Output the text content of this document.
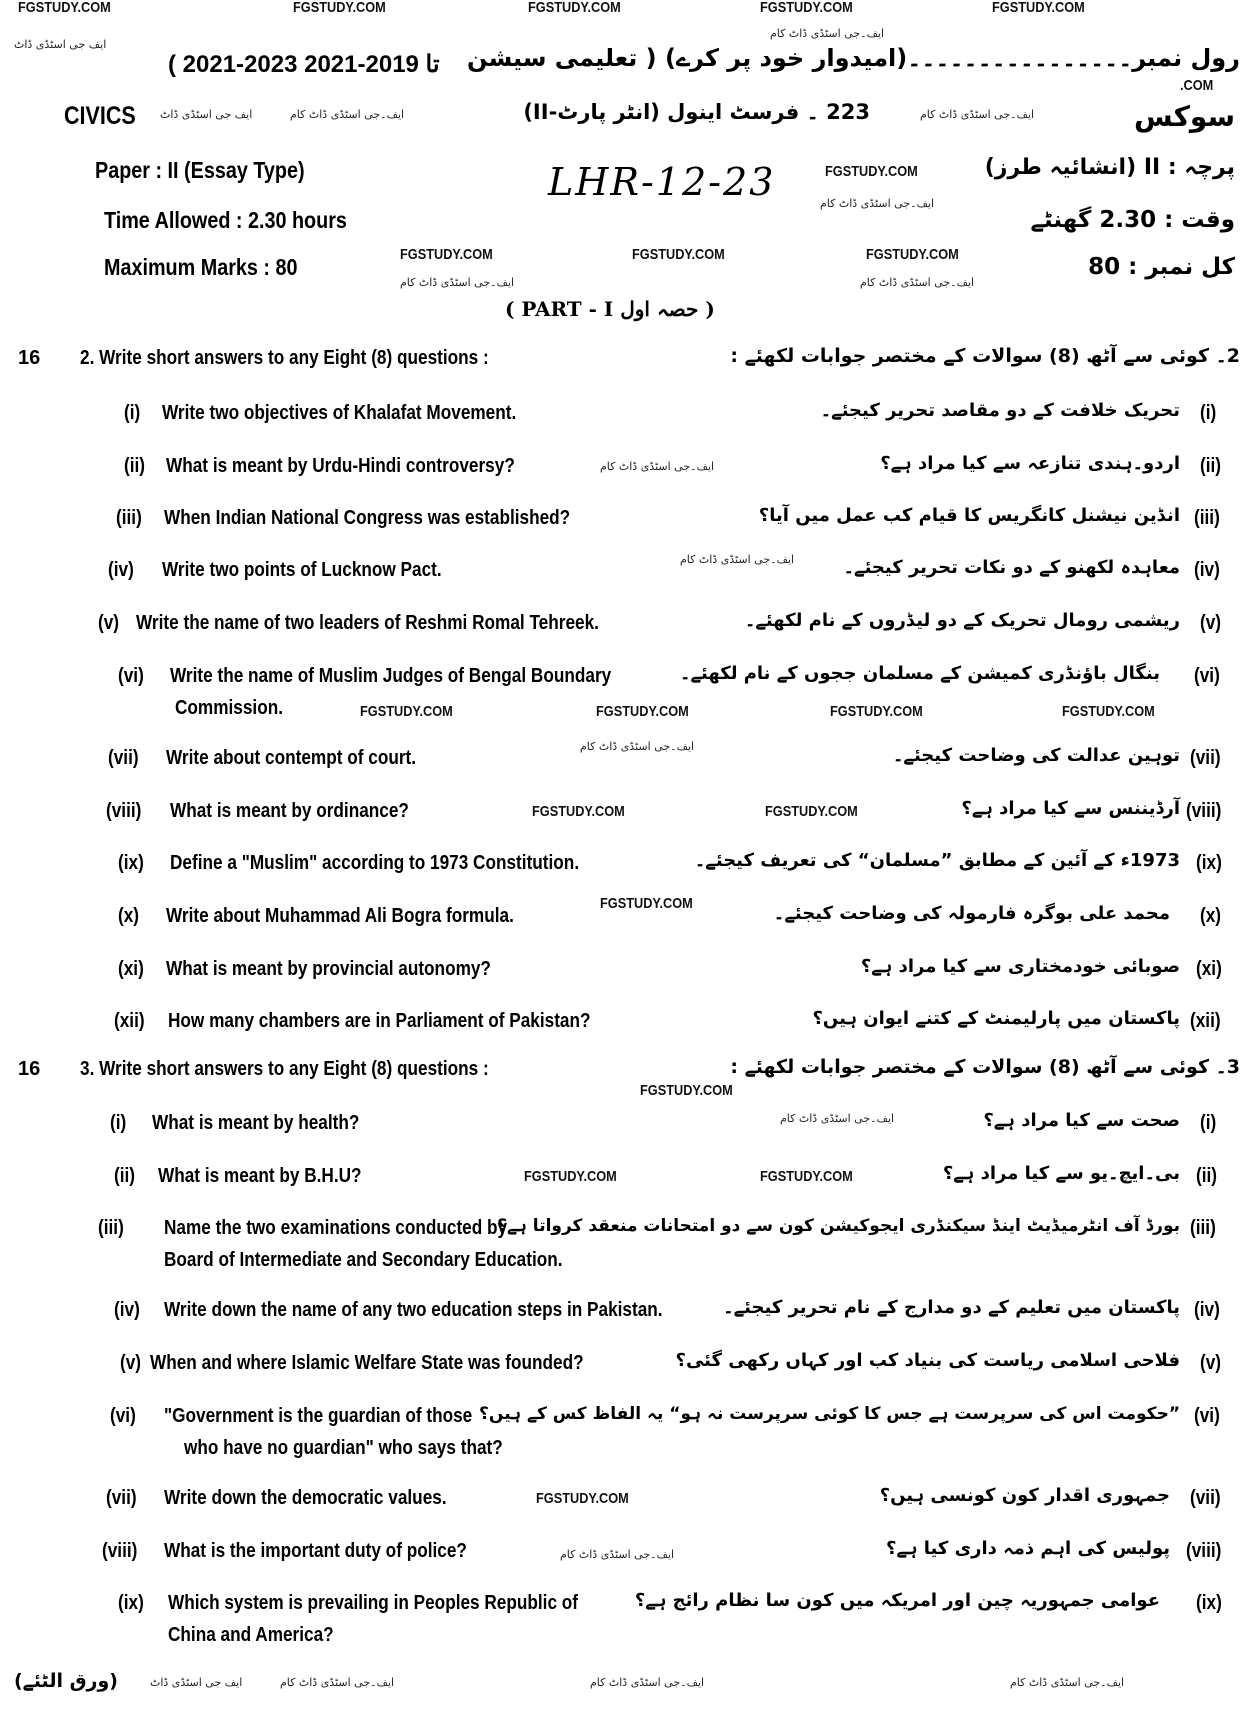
FGSTUDY.COM	FGSTUDY.COM	FGSTUDY.COM	FGSTUDY.COM	FGSTUDY.COM
ایف۔جی اسٹڈی ڈاٹ کام
ایف جی اسٹڈی ڈاٹ
( 2021-2023 تا 2019-2021 رول نمبر۔۔۔۔۔۔۔۔۔۔۔۔۔۔۔۔(امیدوار خود پر کرے) ( تعلیمی سیشن
.COM
CIVICS ایف جی اسٹڈی ڈاٹ	ایف۔جی اسٹڈی ڈاٹ کام	223 ۔ فرسٹ اینول (انٹر پارٹ-II)	ایف۔جی اسٹڈی ڈاٹ کام	سوکس
Paper : II (Essay Type)	LHR-12-23	FGSTUDY.COM	پرچہ : II (انشائیہ طرز)
Time Allowed : 2.30 hours
ایف۔جی اسٹڈی ڈاٹ کام
وقت : 2.30 گھنٹے
Maximum Marks : 80	FGSTUDY.COM	FGSTUDY.COM	FGSTUDY.COM	کل نمبر : 80
ایف۔جی اسٹڈی ڈاٹ کام	ایف۔جی اسٹڈی ڈاٹ کام
( PART - I حصہ اول )
16 2. Write short answers to any Eight (8) questions :	2۔ کوئی سے آٹھ (8) سوالات کے مختصر جوابات لکھئے :
16 3. Write short answers to any Eight (8) questions :	3۔ کوئی سے آٹھ (8) سوالات کے مختصر جوابات لکھئے :
FGSTUDY.COM
(i) Write two objectives of Khalafat Movement.	تحریک خلافت کے دو مقاصد تحریر کیجئے۔ (i)
(ii) What is meant by Urdu-Hindi controversy?	ایف۔جی اسٹڈی ڈاٹ کام	اردو۔ہندی تنازعہ سے کیا مراد ہے؟ (ii)
(iii) When Indian National Congress was established?	انڈین نیشنل کانگریس کا قیام کب عمل میں آیا؟ (iii)
(iv) Write two points of Lucknow Pact.	ایف۔جی اسٹڈی ڈاٹ کام	معاہدہ لکھنو کے دو نکات تحریر کیجئے۔ (iv)
(v) Write the name of two leaders of Reshmi Romal Tehreek.	ریشمی رومال تحریک کے دو لیڈروں کے نام لکھئے۔ (v)
(vi) Write the name of Muslim Judges of Bengal Boundary
Commission.
بنگال باؤنڈری کمیشن کے مسلمان ججوں کے نام لکھئے۔ (vi)
FGSTUDY.COM	FGSTUDY.COM	FGSTUDY.COM	FGSTUDY.COM
(vii) Write about contempt of court.
ایف۔جی اسٹڈی ڈاٹ کام	توہین عدالت کی وضاحت کیجئے۔ (vii)
(viii) What is meant by ordinance?	FGSTUDY.COM	FGSTUDY.COM	آرڈیننس سے کیا مراد ہے؟ (viii)
(ix) Define a "Muslim" according to 1973 Constitution.	1973ء کے آئین کے مطابق ”مسلمان“ کی تعریف کیجئے۔ (ix)
(x) Write about Muhammad Ali Bogra formula.
FGSTUDY.COM	محمد علی بوگرہ فارمولہ کی وضاحت کیجئے۔ (x)
(xi) What is meant by provincial autonomy?	صوبائی خودمختاری سے کیا مراد ہے؟ (xi)
(xii) How many chambers are in Parliament of Pakistan?	پاکستان میں پارلیمنٹ کے کتنے ایوان ہیں؟ (xii)
(i) What is meant by health?	ایف۔جی اسٹڈی ڈاٹ کام	صحت سے کیا مراد ہے؟ (i)
(ii) What is meant by B.H.U?	FGSTUDY.COM	FGSTUDY.COM	بی۔ایچ۔یو سے کیا مراد ہے؟ (ii)
(iii) Name the two examinations conducted by
Board of Intermediate and Secondary Education.
بورڈ آف انٹرمیڈیٹ اینڈ سیکنڈری ایجوکیشن کون سے دو امتحانات منعقد کرواتا ہے؟ (iii)
(iv) Write down the name of any two education steps in Pakistan.	پاکستان میں تعلیم کے دو مدارج کے نام تحریر کیجئے۔ (iv)
(v) When and where Islamic Welfare State was founded?	فلاحی اسلامی ریاست کی بنیاد کب اور کہاں رکھی گئی؟ (v)
(vi) "Government is the guardian of those
who have no guardian" who says that?
”حکومت اس کی سرپرست ہے جس کا کوئی سرپرست نہ ہو“ یہ الفاظ کس کے ہیں؟ (vi)
(vii) Write down the democratic values.	FGSTUDY.COM	جمہوری اقدار کون کونسی ہیں؟ (vii)
(viii) What is the important duty of police?	ایف۔جی اسٹڈی ڈاٹ کام	پولیس کی اہم ذمہ داری کیا ہے؟ (viii)
(ix) Which system is prevailing in Peoples Republic of
China and America?
عوامی جمہوریہ چین اور امریکہ میں کون سا نظام رائج ہے؟ (ix)
(ورق الٹئے)	ایف جی اسٹڈی ڈاٹ	ایف۔جی اسٹڈی ڈاٹ کام	ایف۔جی اسٹڈی ڈاٹ کام	ایف۔جی اسٹڈی ڈاٹ کام
